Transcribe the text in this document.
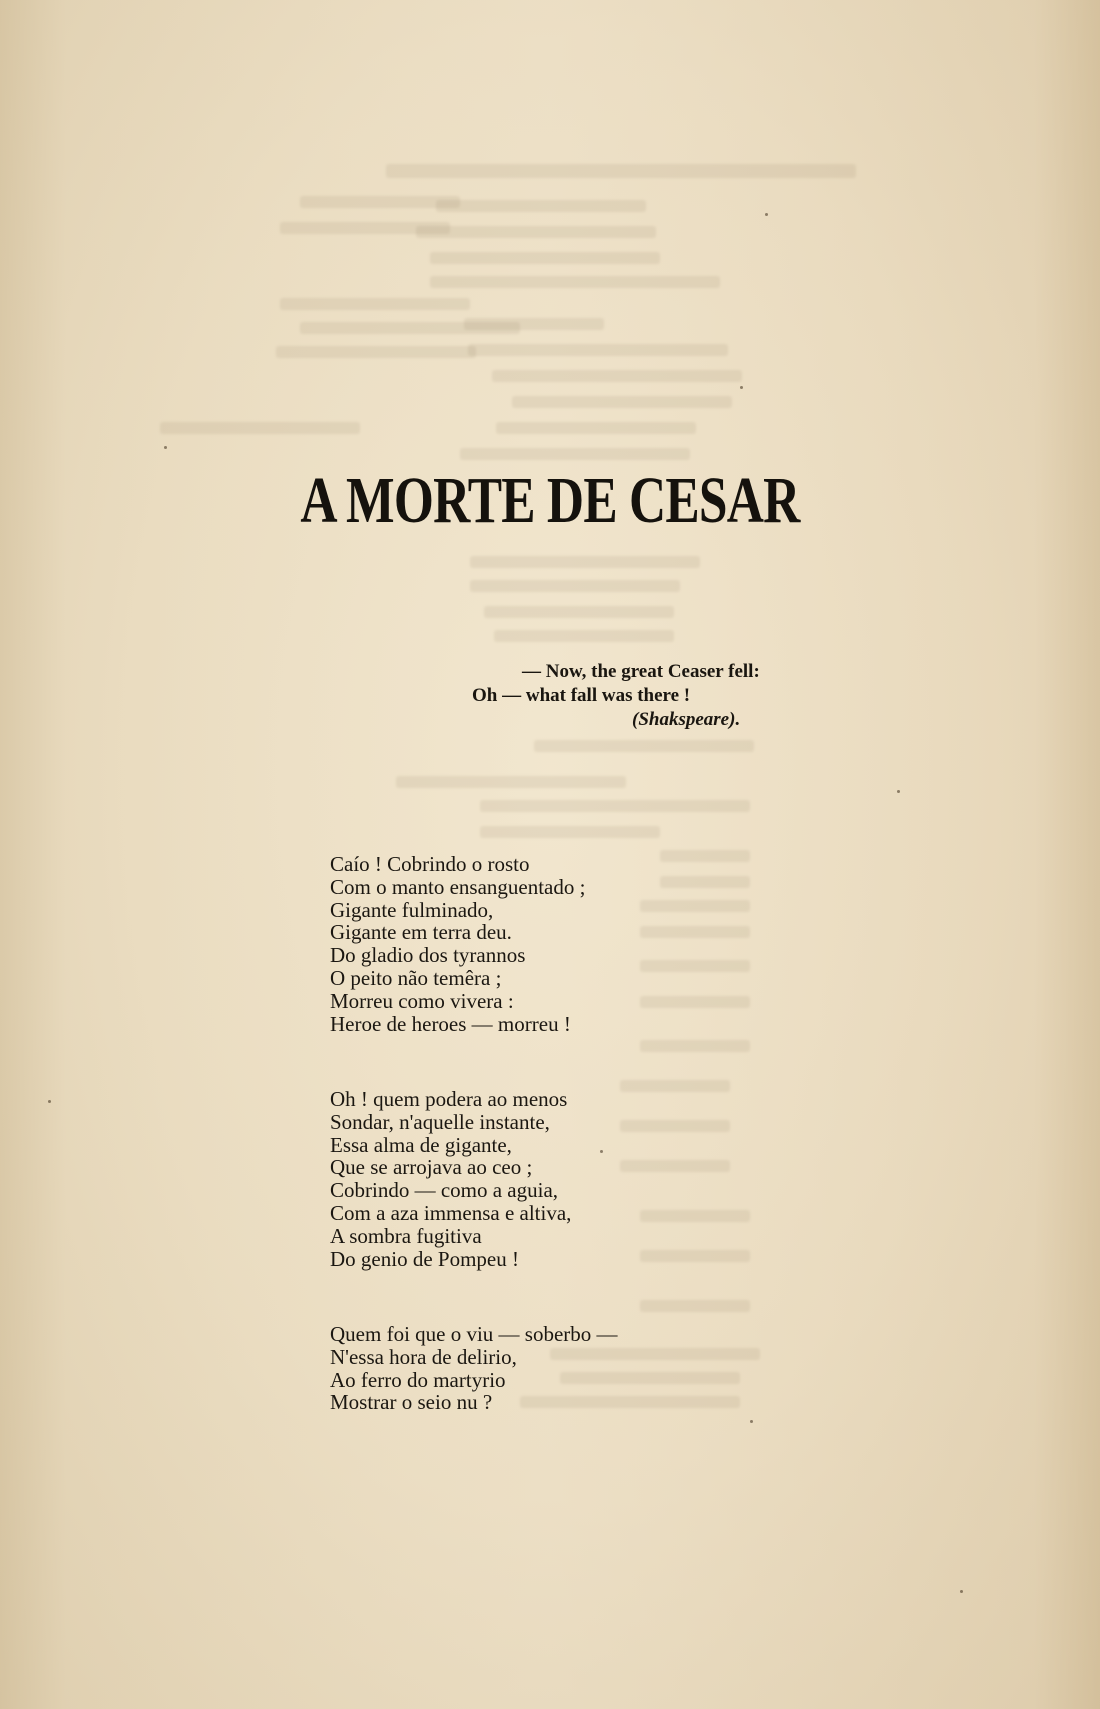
A MORTE DE CESAR
— Now, the great Ceaser fell:
Oh — what fall was there !
(Shakspeare).
Caío ! Cobrindo o rosto
Com o manto ensanguentado ;
Gigante fulminado,
Gigante em terra deu.
Do gladio dos tyrannos
O peito não temêra ;
Morreu como vivera :
Heroe de heroes — morreu !
Oh ! quem podera ao menos
Sondar, n'aquelle instante,
Essa alma de gigante,
Que se arrojava ao ceo ;
Cobrindo — como a aguia,
Com a aza immensa e altiva,
A sombra fugitiva
Do genio de Pompeu !
Quem foi que o viu — soberbo —
N'essa hora de delirio,
Ao ferro do martyrio
Mostrar o seio nu ?
